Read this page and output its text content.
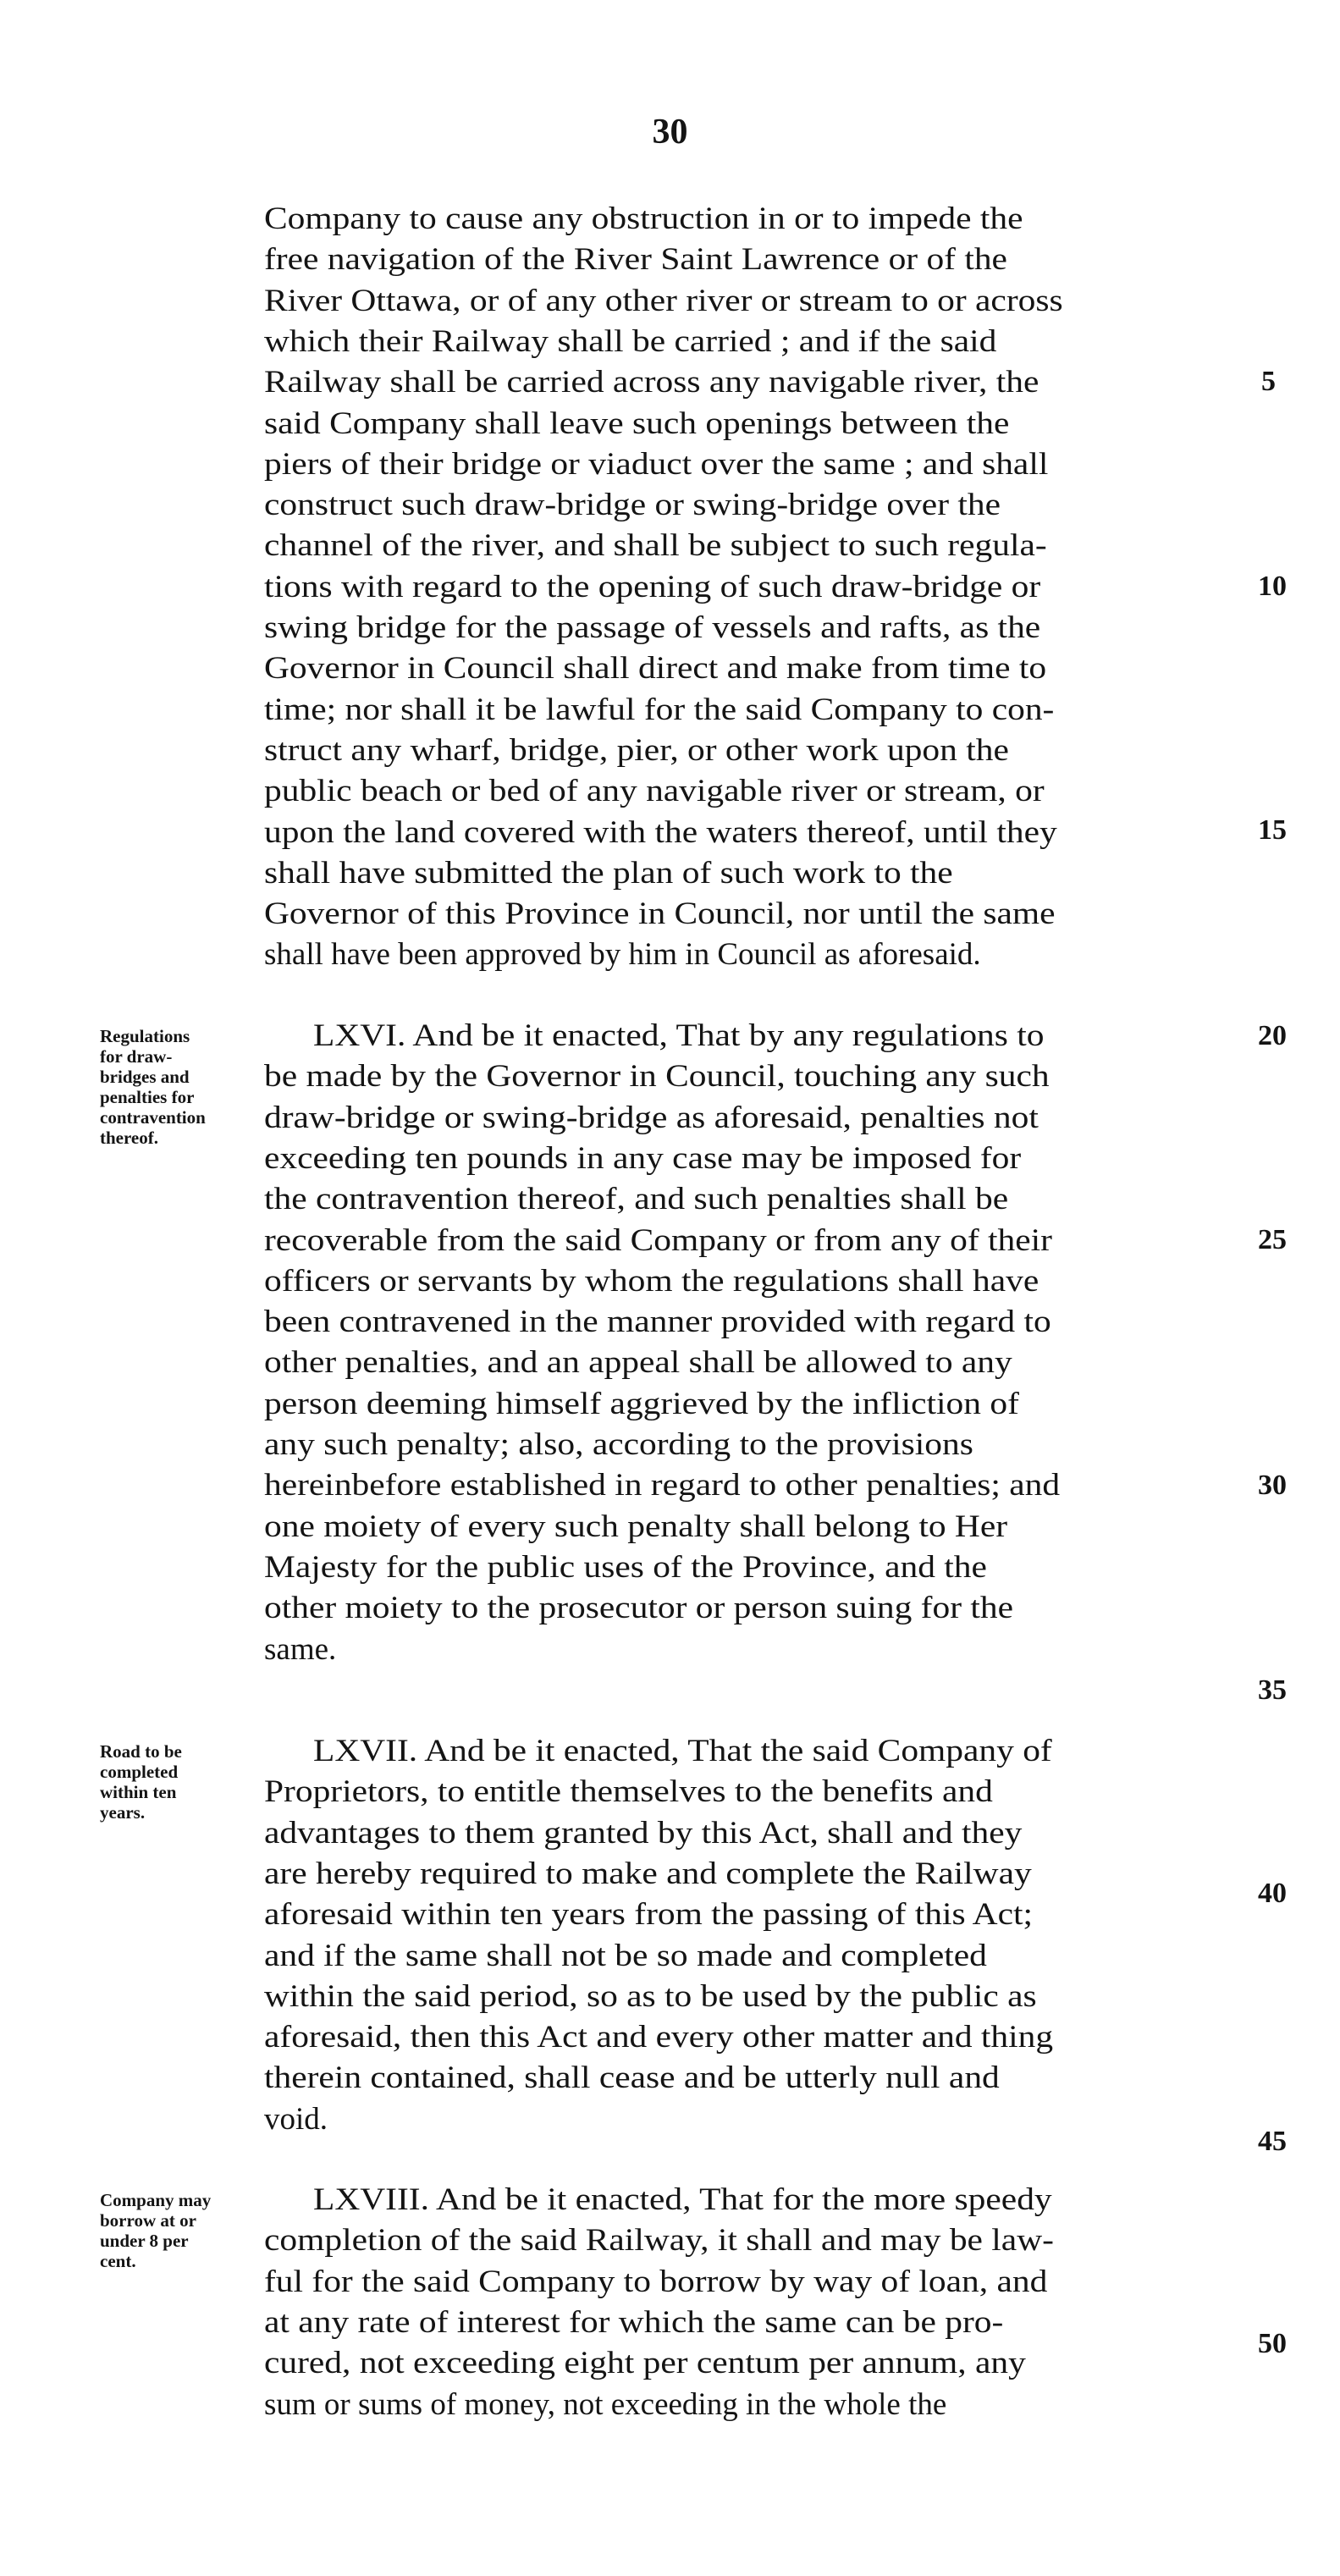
30
Company to cause any obstruction in or to impede the
free navigation of the River Saint Lawrence or of the
River Ottawa, or of any other river or stream to or across
which their Railway shall be carried ; and if the said
Railway shall be carried across any navigable river, the
said Company shall leave such openings between the
piers of their bridge or viaduct over the same ; and shall
construct such draw-bridge or swing-bridge over the
channel of the river, and shall be subject to such regula-
tions with regard to the opening of such draw-bridge or
swing bridge for the passage of vessels and rafts, as the
Governor in Council shall direct and make from time to
time; nor shall it be lawful for the said Company to con-
struct any wharf, bridge, pier, or other work upon the
public beach or bed of any navigable river or stream, or
upon the land covered with the waters thereof, until they
shall have submitted the plan of such work to the
Governor of this Province in Council, nor until the same
shall have been approved by him in Council as aforesaid.
LXVI. And be it enacted, That by any regulations to
be made by the Governor in Council, touching any such
draw-bridge or swing-bridge as aforesaid, penalties not
exceeding ten pounds in any case may be imposed for
the contravention thereof, and such penalties shall be
recoverable from the said Company or from any of their
officers or servants by whom the regulations shall have
been contravened in the manner provided with regard to
other penalties, and an appeal shall be allowed to any
person deeming himself aggrieved by the infliction of
any such penalty; also, according to the provisions
hereinbefore established in regard to other penalties; and
one moiety of every such penalty shall belong to Her
Majesty for the public uses of the Province, and the
other moiety to the prosecutor or person suing for the
same.
LXVII. And be it enacted, That the said Company of
Proprietors, to entitle themselves to the benefits and
advantages to them granted by this Act, shall and they
are hereby required to make and complete the Railway
aforesaid within ten years from the passing of this Act;
and if the same shall not be so made and completed
within the said period, so as to be used by the public as
aforesaid, then this Act and every other matter and thing
therein contained, shall cease and be utterly null and
void.
LXVIII. And be it enacted, That for the more speedy
completion of the said Railway, it shall and may be law-
ful for the said Company to borrow by way of loan, and
at any rate of interest for which the same can be pro-
cured, not exceeding eight per centum per annum, any
sum or sums of money, not exceeding in the whole the
Regulations
for draw-
bridges and
penalties for
contravention
thereof.
Road to be
completed
within ten
years.
Company may
borrow at or
under 8 per
cent.
5
10
15
20
25
30
35
40
45
50
